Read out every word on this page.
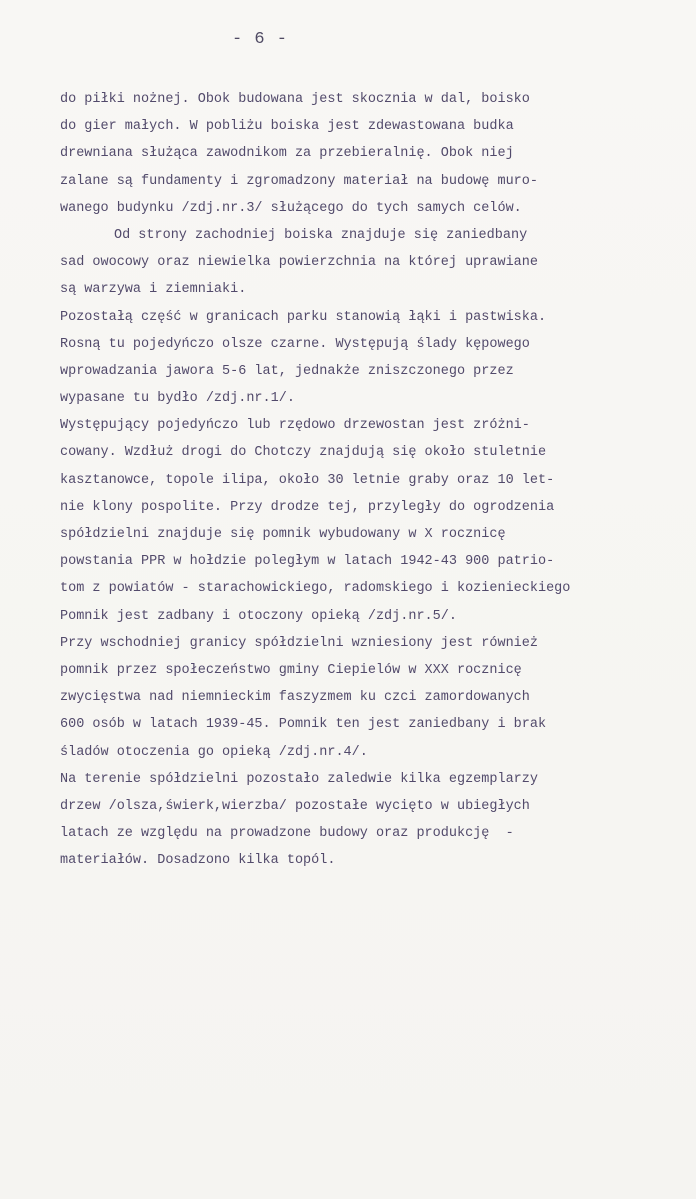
- 6 -
do piłki nożnej. Obok budowana jest skocznia w dal, boisko
do gier małych. W pobliżu boiska jest zdewastowana budka
drewniana służąca zawodnikom za przebieralnię. Obok niej
zalane są fundamenty i zgromadzony materiał na budowę muro-
wanego budynku /zdj.nr.3/ służącego do tych samych celów.
Od strony zachodniej boiska znajduje się zaniedbany
sad owocowy oraz niewielka powierzchnia na której uprawiane
są warzywa i ziemniaki.
Pozostałą część w granicach parku stanowią łąki i pastwiska.
Rosną tu pojedyńczo olsze czarne. Występują ślady kępowego
wprowadzania jawora 5-6 lat, jednakże zniszczonego przez
wypasane tu bydło /zdj.nr.1/.
Występujący pojedyńczo lub rzędowo drzewostan jest zróżni-
cowany. Wzdłuż drogi do Chotczy znajdują się około stuletnie
kasztanowce, topole ilipa, około 30 letnie graby oraz 10 let-
nie klony pospolite. Przy drodze tej, przyległy do ogrodzenia
spółdzielni znajduje się pomnik wybudowany w X rocznicę
powstania PPR w hołdzie poległym w latach 1942-43 900 patrio-
tom z powiatów - starachowickiego, radomskiego i kozienieckiego
Pomnik jest zadbany i otoczony opieką /zdj.nr.5/.
Przy wschodniej granicy spółdzielni wzniesiony jest również
pomnik przez społeczeństwo gminy Ciepielów w XXX rocznicę
zwycięstwa nad niemnieckim faszyzmem ku czci zamordowanych
600 osób w latach 1939-45. Pomnik ten jest zaniedbany i brak
śladów otoczenia go opieką /zdj.nr.4/.
Na terenie spółdzielni pozostało zaledwie kilka egzemplarzy
drzew /olsza,świerk,wierzba/ pozostałe wycięto w ubiegłych
latach ze względu na prowadzone budowy oraz produkcję  -
materiałów. Dosadzono kilka topól.
